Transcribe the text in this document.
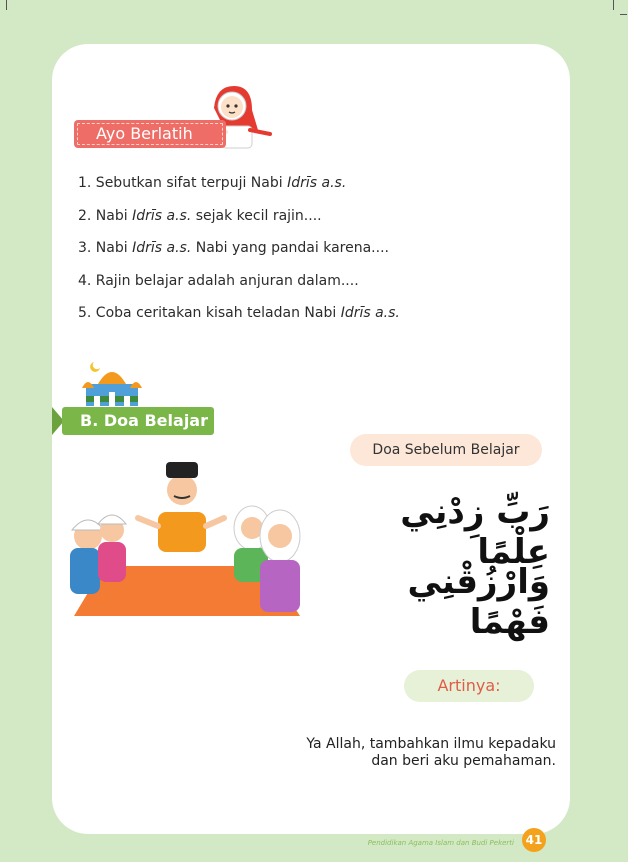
Ayo Berlatih
1. Sebutkan sifat terpuji Nabi Idrīs a.s.
2. Nabi Idrīs a.s. sejak kecil rajin....
3. Nabi Idrīs a.s. Nabi yang pandai karena....
4. Rajin belajar adalah anjuran dalam....
5. Coba ceritakan kisah teladan Nabi Idrīs a.s.
B. Doa Belajar
Doa Sebelum Belajar
رَبِّ زِدْنِي عِلْمًا
وَارْزُقْنِي فَهْمًا
Artinya:
Ya Allah, tambahkan ilmu kepadaku
dan beri aku pemahaman.
Pendidikan Agama Islam dan Budi Pekerti 41
